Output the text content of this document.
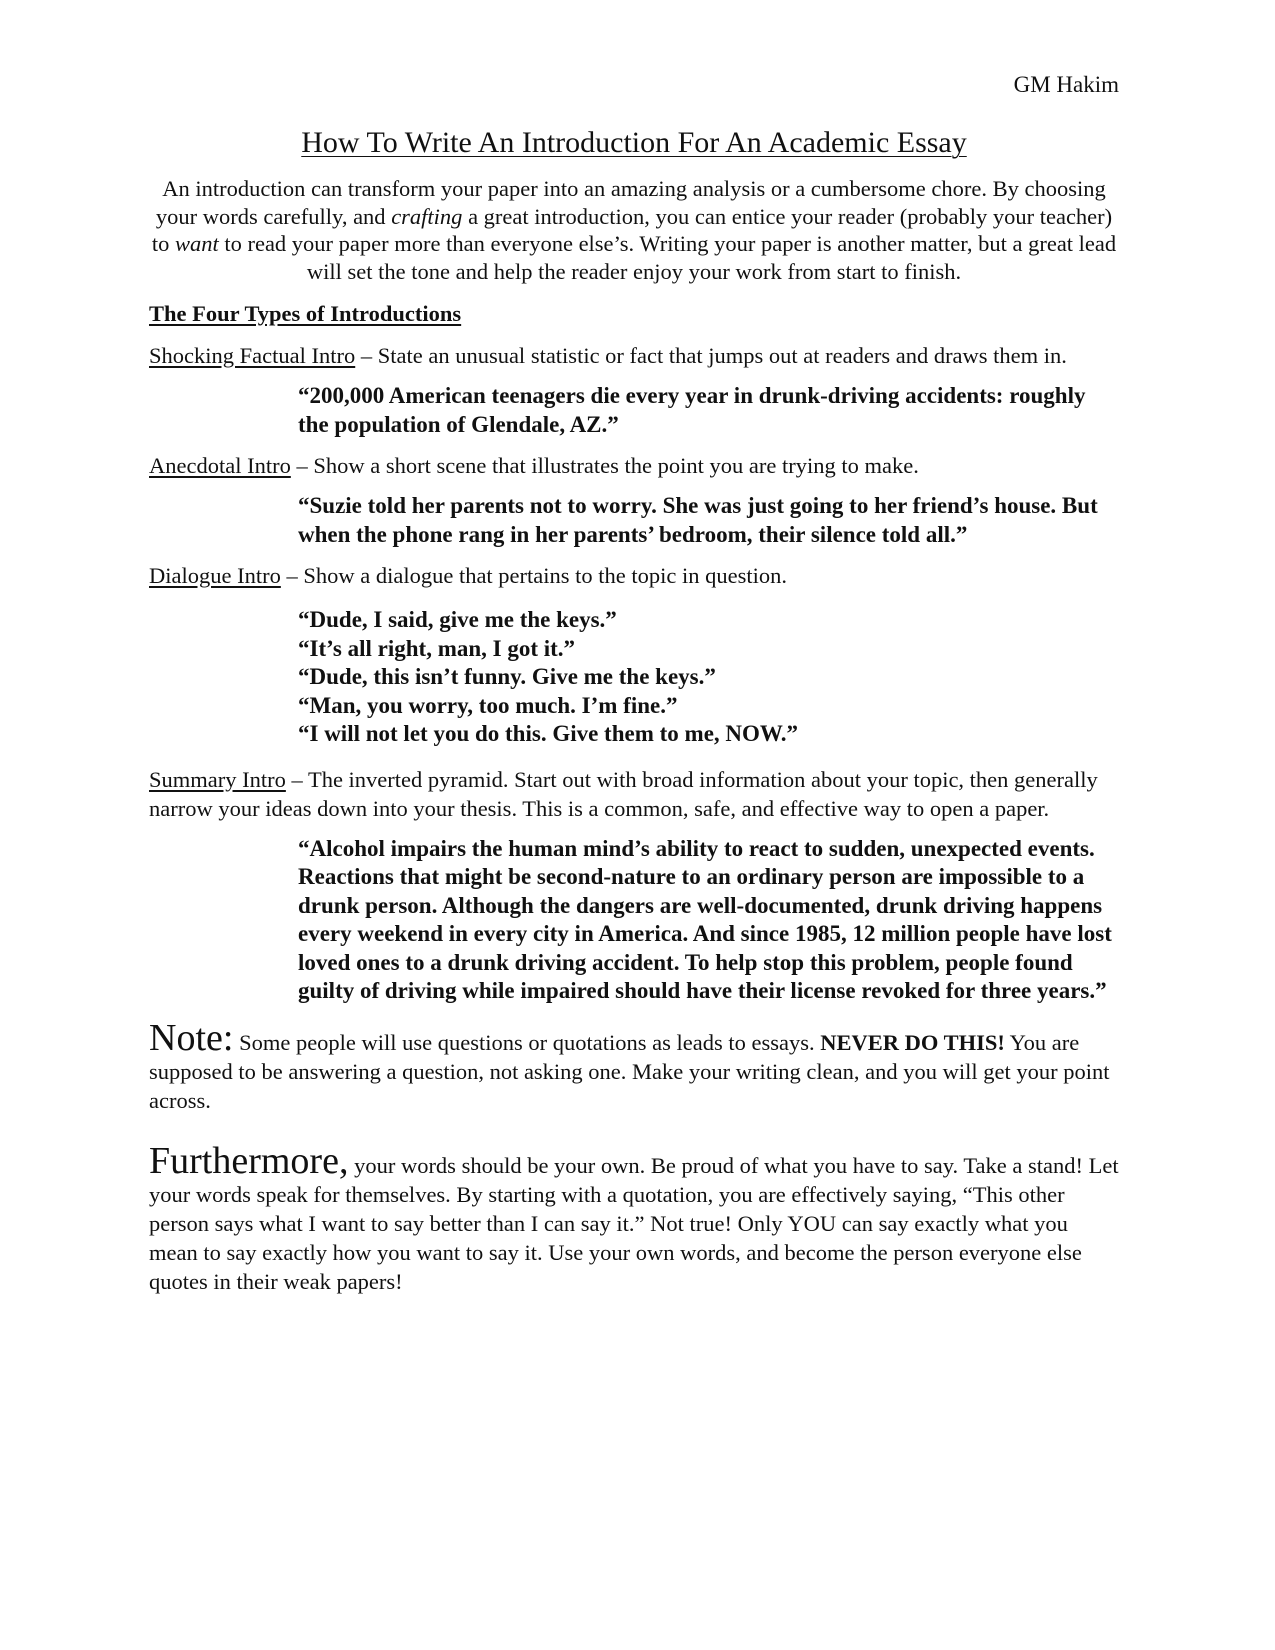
GM Hakim
How To Write An Introduction For An Academic Essay

An introduction can transform your paper into an amazing analysis or a cumbersome chore. By choosing your words carefully, and crafting a great introduction, you can entice your reader (probably your teacher) to want to read your paper more than everyone else’s. Writing your paper is another matter, but a great lead will set the tone and help the reader enjoy your work from start to finish.

The Four Types of Introductions

Shocking Factual Intro – State an unusual statistic or fact that jumps out at readers and draws them in.

“200,000 American teenagers die every year in drunk-driving accidents: roughly the population of Glendale, AZ.”

Anecdotal Intro – Show a short scene that illustrates the point you are trying to make.

“Suzie told her parents not to worry. She was just going to her friend’s house. But when the phone rang in her parents’ bedroom, their silence told all.”

Dialogue Intro – Show a dialogue that pertains to the topic in question.

“Dude, I said, give me the keys.”
“It’s all right, man, I got it.”
“Dude, this isn’t funny. Give me the keys.”
“Man, you worry, too much. I’m fine.”
“I will not let you do this. Give them to me, NOW.”

Summary Intro – The inverted pyramid. Start out with broad information about your topic, then generally narrow your ideas down into your thesis. This is a common, safe, and effective way to open a paper.

“Alcohol impairs the human mind’s ability to react to sudden, unexpected events. Reactions that might be second-nature to an ordinary person are impossible to a drunk person. Although the dangers are well-documented, drunk driving happens every weekend in every city in America. And since 1985, 12 million people have lost loved ones to a drunk driving accident. To help stop this problem, people found guilty of driving while impaired should have their license revoked for three years.”

Note: Some people will use questions or quotations as leads to essays. NEVER DO THIS! You are supposed to be answering a question, not asking one. Make your writing clean, and you will get your point across.

Furthermore, your words should be your own. Be proud of what you have to say. Take a stand! Let your words speak for themselves. By starting with a quotation, you are effectively saying, “This other person says what I want to say better than I can say it.” Not true! Only YOU can say exactly what you mean to say exactly how you want to say it. Use your own words, and become the person everyone else quotes in their weak papers!
